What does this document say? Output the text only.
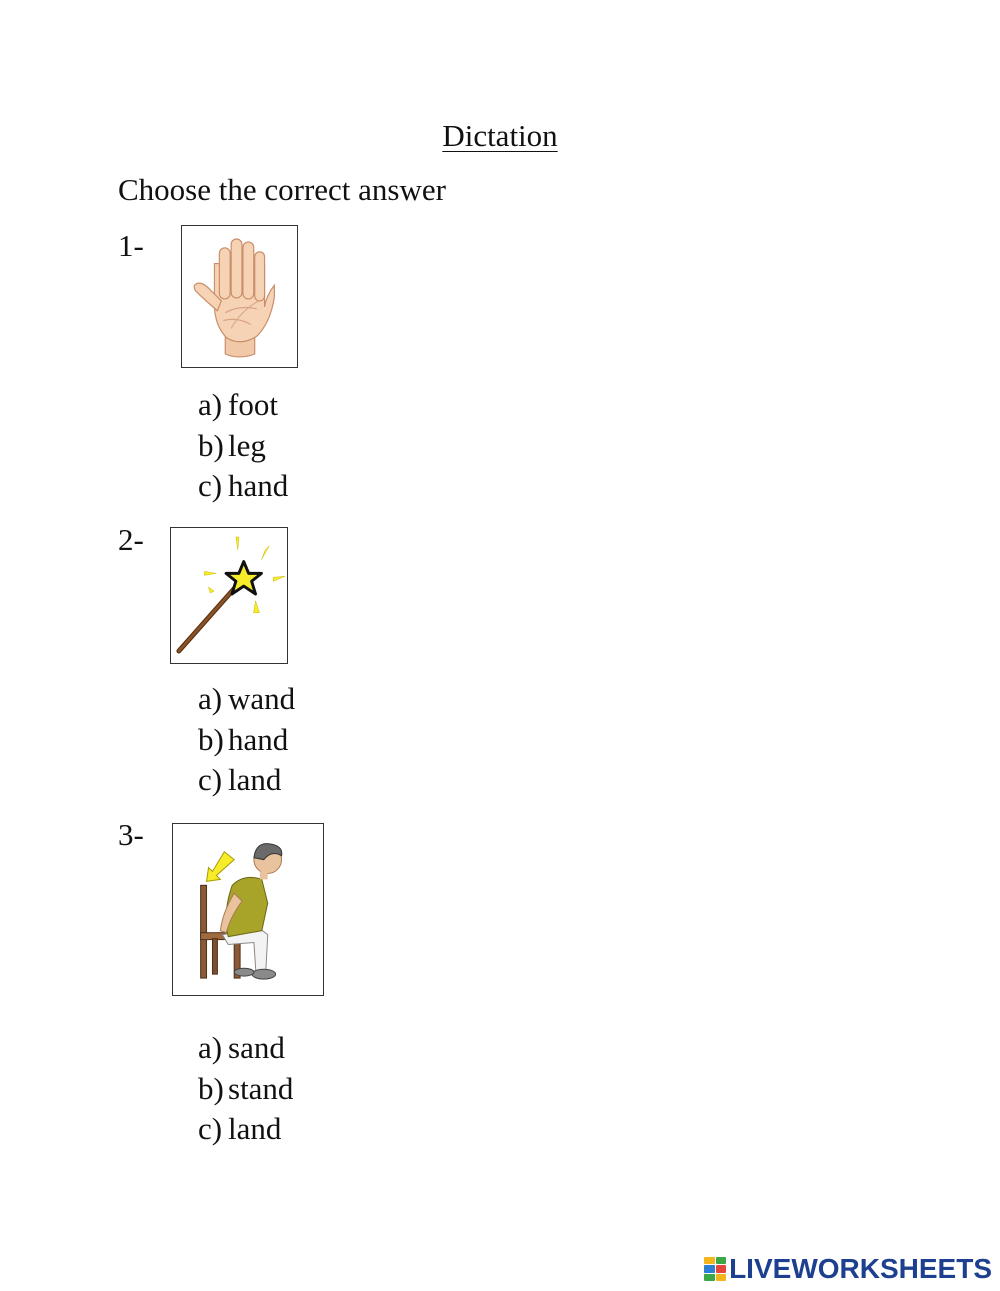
Dictation
Choose the correct answer
1-
a) foot
b) leg
c) hand
2-
a) wand
b) hand
c) land
3-
a) sand
b) stand
c) land
LIVEWORKSHEETS
